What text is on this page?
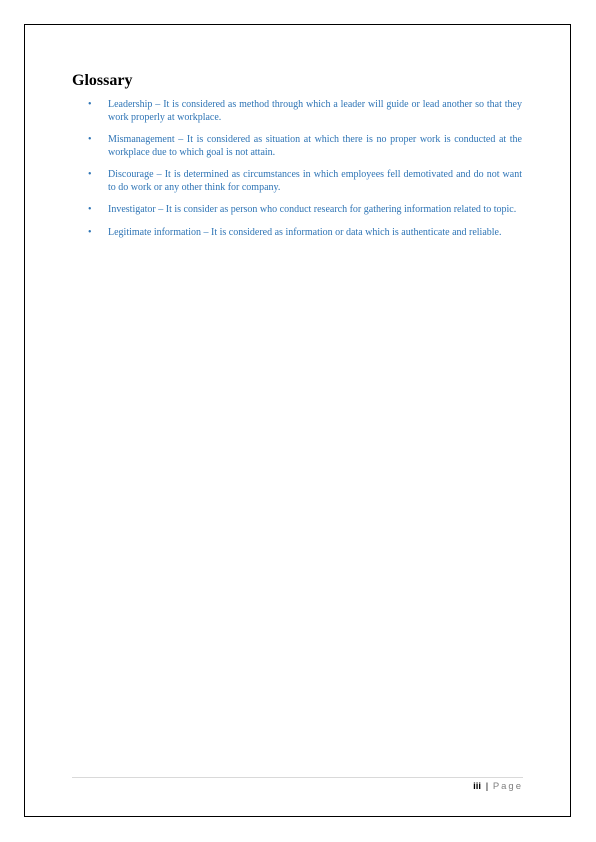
Glossary
• Leadership – It is considered as method through which a leader will guide or lead another so that they work properly at workplace.
• Mismanagement – It is considered as situation at which there is no proper work is conducted at the workplace due to which goal is not attain.
• Discourage – It is determined as circumstances in which employees fell demotivated and do not want to do work or any other think for company.
• Investigator – It is consider as person who conduct research for gathering information related to topic.
• Legitimate information – It is considered as information or data which is authenticate and reliable.
iii | Page
